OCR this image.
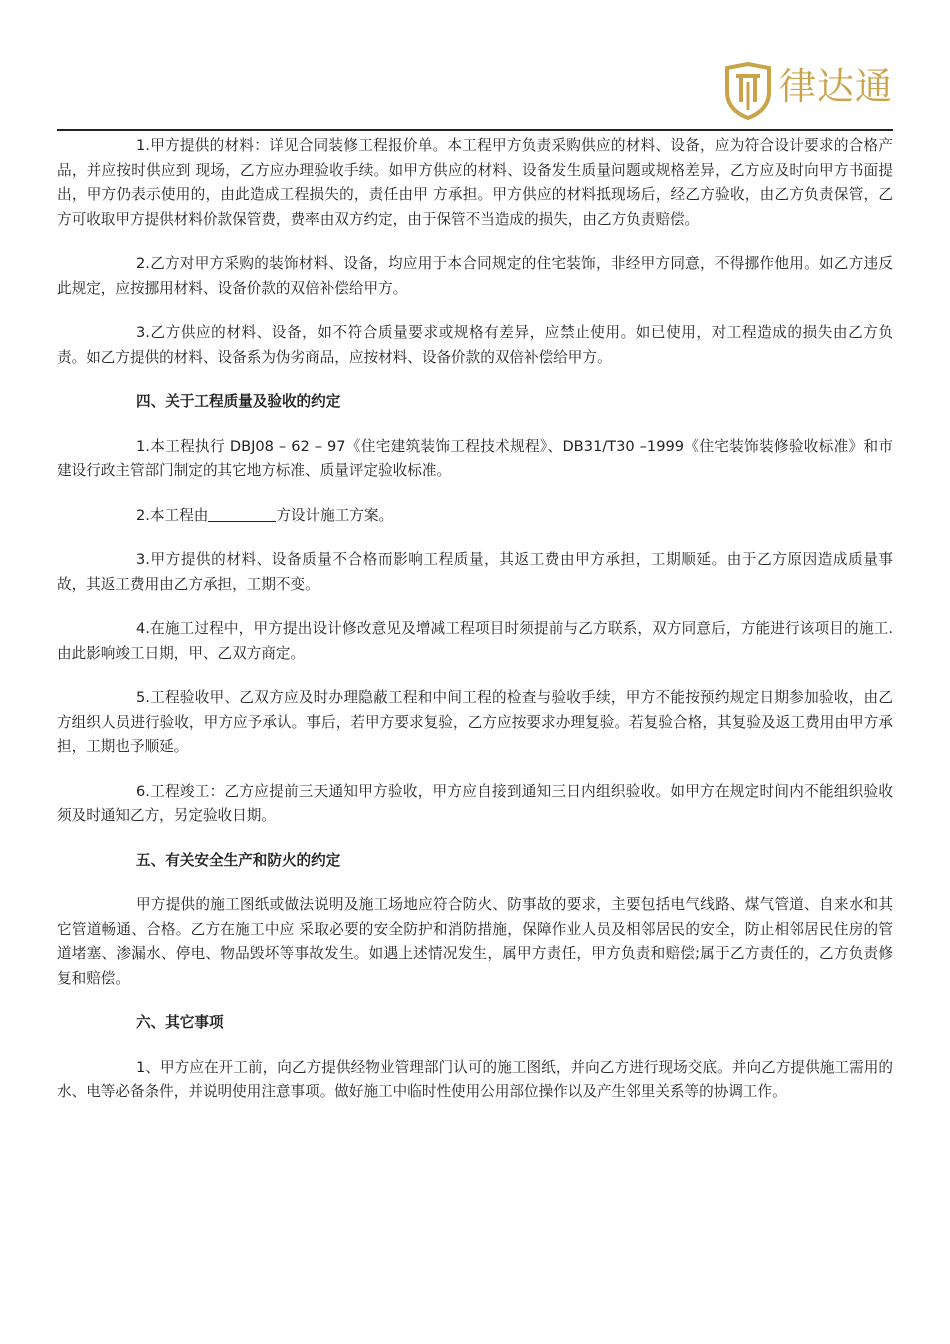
律达通

1.甲方提供的材料：详见合同装修工程报价单。本工程甲方负责采购供应的材料、设备，应为符合设计要求的合格产品，并应按时供应到 现场，乙方应办理验收手续。如甲方供应的材料、设备发生质量问题或规格差异，乙方应及时向甲方书面提出，甲方仍表示使用的，由此造成工程损失的，责任由甲 方承担。甲方供应的材料抵现场后，经乙方验收，由乙方负责保管，乙方可收取甲方提供材料价款保管费，费率由双方约定，由于保管不当造成的损失，由乙方负责赔偿。

2.乙方对甲方采购的装饰材料、设备，均应用于本合同规定的住宅装饰，非经甲方同意，不得挪作他用。如乙方违反此规定，应按挪用材料、设备价款的双倍补偿给甲方。

3.乙方供应的材料、设备，如不符合质量要求或规格有差异，应禁止使用。如已使用，对工程造成的损失由乙方负责。如乙方提供的材料、设备系为伪劣商品，应按材料、设备价款的双倍补偿给甲方。

四、关于工程质量及验收的约定

1.本工程执行 DBJ08 – 62 – 97《住宅建筑装饰工程技术规程》、DB31/T30 –1999《住宅装饰装修验收标准》和市建设行政主管部门制定的其它地方标准、质量评定验收标准。

2.本工程由	方设计施工方案。

3.甲方提供的材料、设备质量不合格而影响工程质量，其返工费由甲方承担，工期顺延。由于乙方原因造成质量事故，其返工费用由乙方承担，工期不变。

4.在施工过程中，甲方提出设计修改意见及增减工程项目时须提前与乙方联系，双方同意后，方能进行该项目的施工.由此影响竣工日期，甲、乙双方商定。

5.工程验收甲、乙双方应及时办理隐蔽工程和中间工程的检查与验收手续，甲方不能按预约规定日期参加验收，由乙方组织人员进行验收，甲方应予承认。事后，若甲方要求复验，乙方应按要求办理复验。若复验合格，其复验及返工费用由甲方承担，工期也予顺延。

6.工程竣工：乙方应提前三天通知甲方验收，甲方应自接到通知三日内组织验收。如甲方在规定时间内不能组织验收须及时通知乙方，另定验收日期。

五、有关安全生产和防火的约定

甲方提供的施工图纸或做法说明及施工场地应符合防火、防事故的要求，主要包括电气线路、煤气管道、自来水和其它管道畅通、合格。乙方在施工中应 采取必要的安全防护和消防措施，保障作业人员及相邻居民的安全，防止相邻居民住房的管道堵塞、渗漏水、停电、物品毁坏等事故发生。如遇上述情况发生，属甲方责任，甲方负责和赔偿;属于乙方责任的，乙方负责修复和赔偿。

六、其它事项

1、甲方应在开工前，向乙方提供经物业管理部门认可的施工图纸，并向乙方进行现场交底。并向乙方提供施工需用的水、电等必备条件，并说明使用注意事项。做好施工中临时性使用公用部位操作以及产生邻里关系等的协调工作。
